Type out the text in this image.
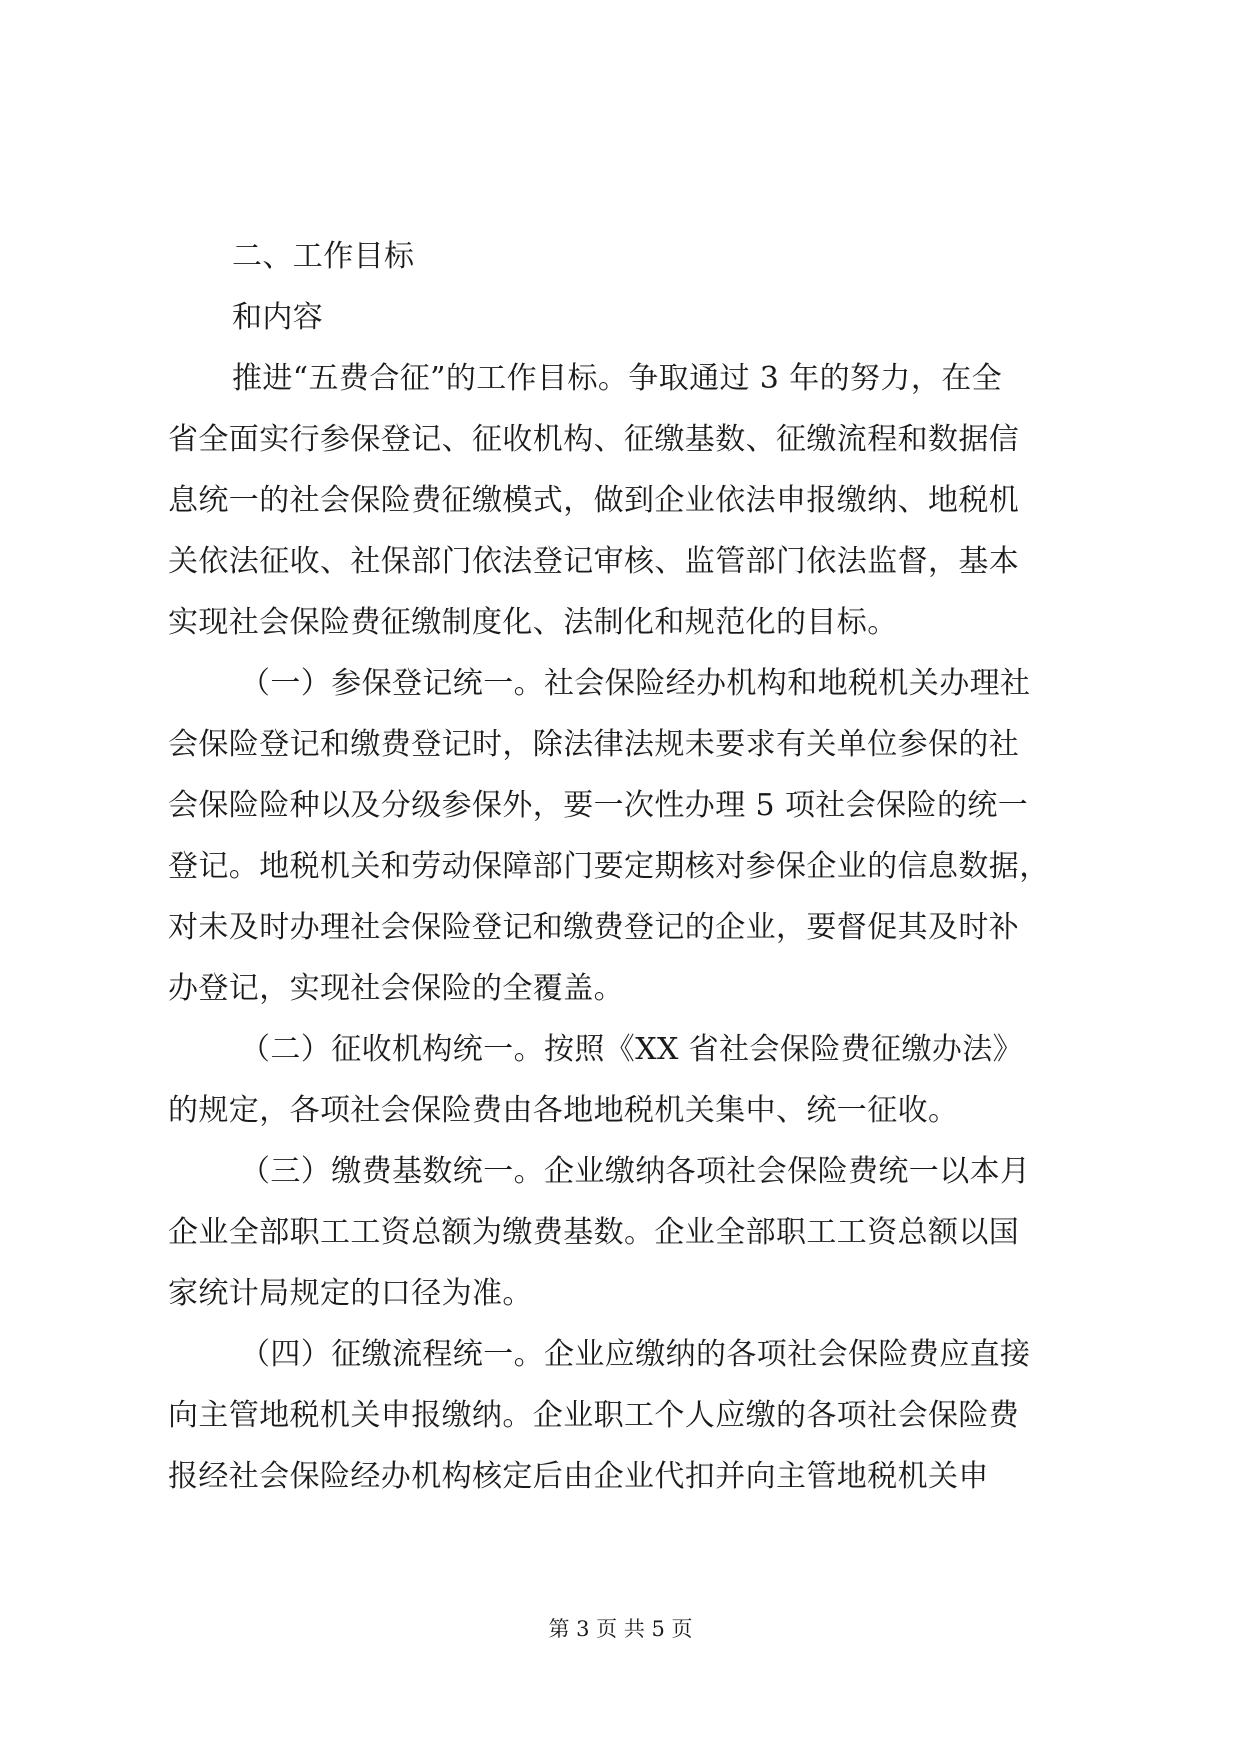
二、工作目标
和内容
推进“五费合征”的工作目标。争取通过 3 年的努力，在全
省全面实行参保登记、征收机构、征缴基数、征缴流程和数据信
息统一的社会保险费征缴模式，做到企业依法申报缴纳、地税机
关依法征收、社保部门依法登记审核、监管部门依法监督，基本
实现社会保险费征缴制度化、法制化和规范化的目标。
（一）参保登记统一。社会保险经办机构和地税机关办理社
会保险登记和缴费登记时，除法律法规未要求有关单位参保的社
会保险险种以及分级参保外，要一次性办理 5 项社会保险的统一
登记。地税机关和劳动保障部门要定期核对参保企业的信息数据，
对未及时办理社会保险登记和缴费登记的企业，要督促其及时补
办登记，实现社会保险的全覆盖。
（二）征收机构统一。按照《XX 省社会保险费征缴办法》
的规定，各项社会保险费由各地地税机关集中、统一征收。
（三）缴费基数统一。企业缴纳各项社会保险费统一以本月
企业全部职工工资总额为缴费基数。企业全部职工工资总额以国
家统计局规定的口径为准。
（四）征缴流程统一。企业应缴纳的各项社会保险费应直接
向主管地税机关申报缴纳。企业职工个人应缴的各项社会保险费
报经社会保险经办机构核定后由企业代扣并向主管地税机关申
第 3 页 共 5 页
